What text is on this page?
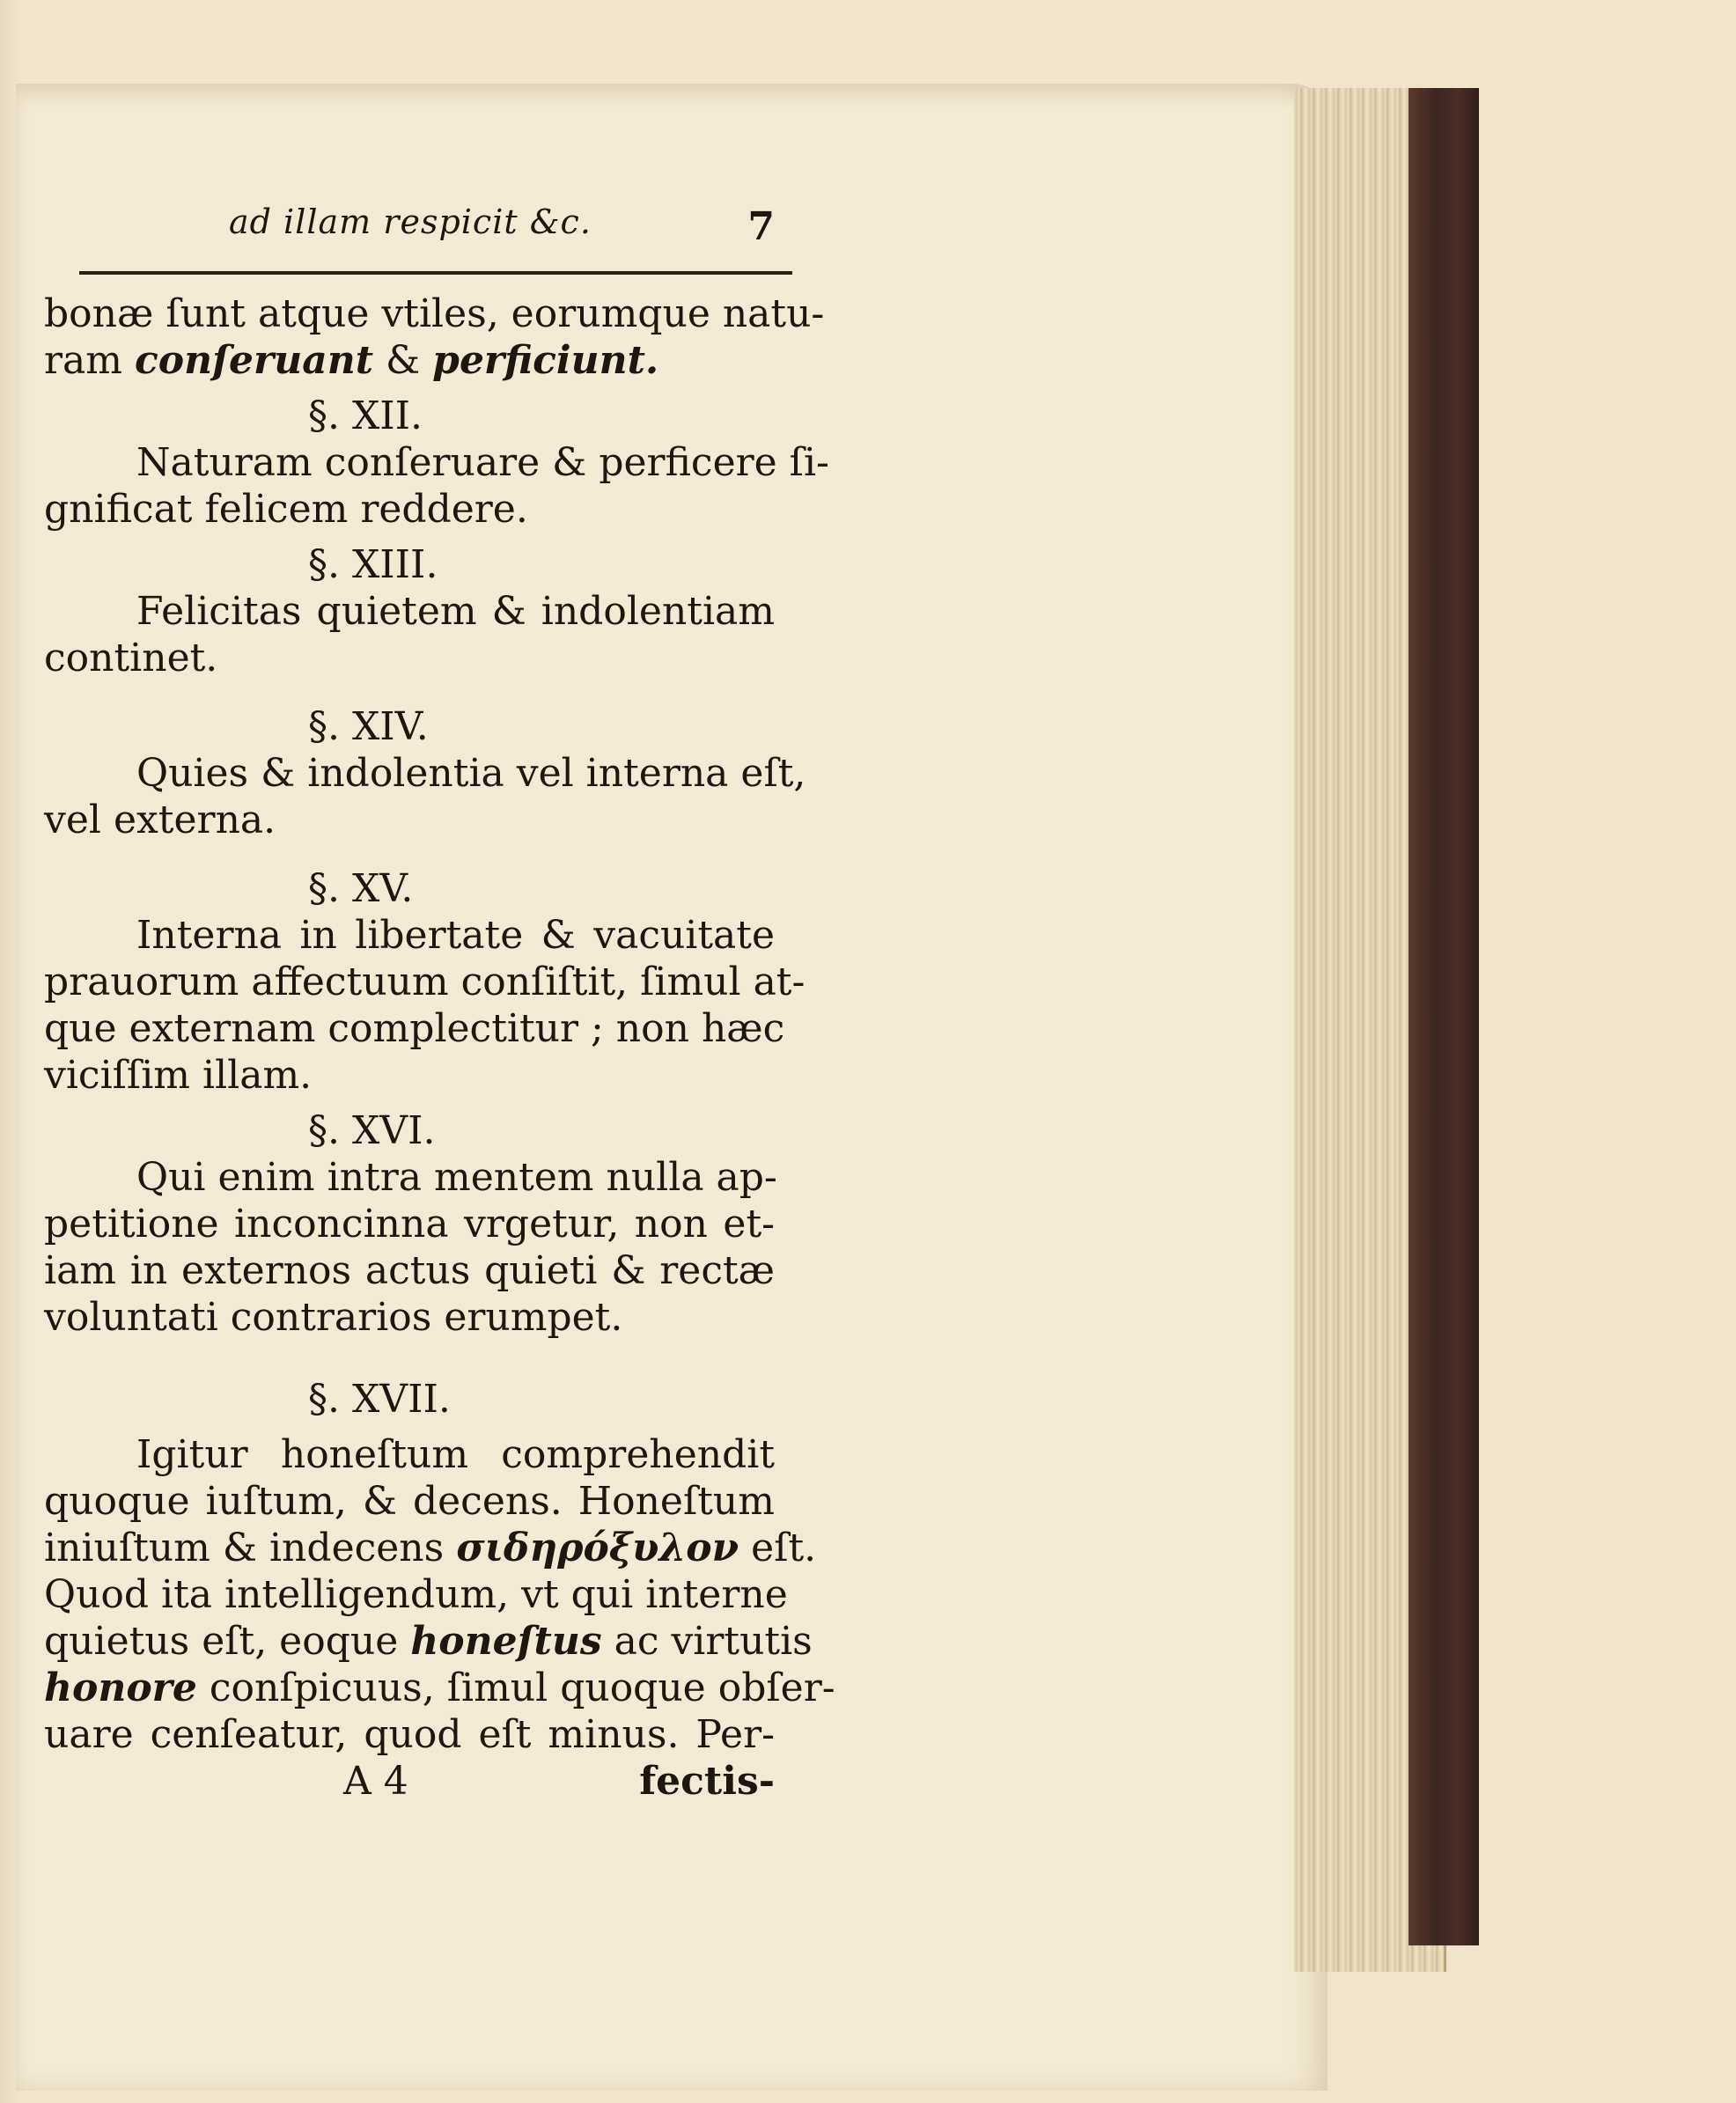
ad illam respicit &c.	7
bonæ ſunt atque vtiles, eorumque natu-
ram conſeruant & perficiunt.
§. XII.
Naturam conſeruare & perficere ſi-
gnificat felicem reddere.
§. XIII.
Felicitas quietem & indolentiam
continet.
§. XIV.
Quies & indolentia vel interna eſt,
vel externa.
§. XV.
Interna in libertate & vacuitate
prauorum affectuum conſiſtit, ſimul at-
que externam complectitur ; non hæc
viciſſim illam.
§. XVI.
Qui enim intra mentem nulla ap-
petitione inconcinna vrgetur, non et-
iam in externos actus quieti & rectæ
voluntati contrarios erumpet.
§. XVII.
Igitur honeſtum comprehendit
quoque iuſtum, & decens. Honeſtum
iniuſtum & indecens σιδηρόξυλον eſt.
Quod ita intelligendum, vt qui interne
quietus eſt, eoque honeſtus ac virtutis
honore conſpicuus, ſimul quoque obſer-
uare cenſeatur, quod eſt minus. Per-
A 4	fectis-
